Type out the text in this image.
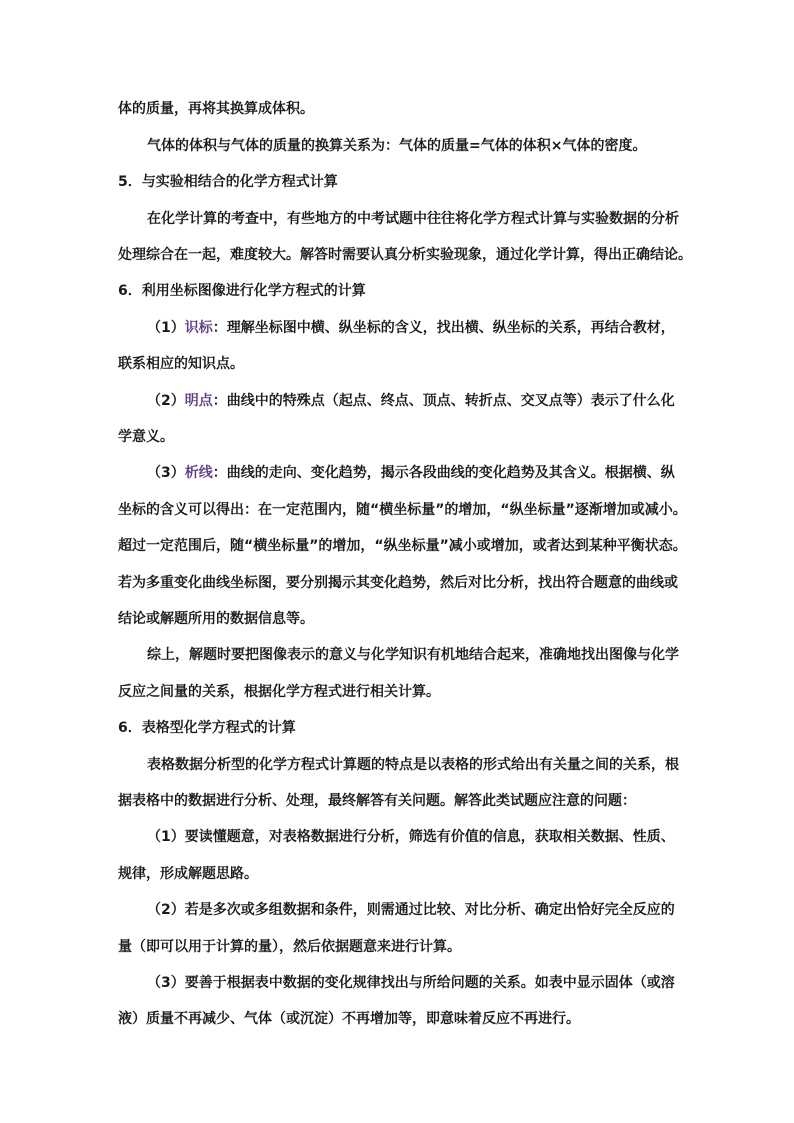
体的质量，再将其换算成体积。
气体的体积与气体的质量的换算关系为：气体的质量=气体的体积×气体的密度。
5．与实验相结合的化学方程式计算
在化学计算的考查中，有些地方的中考试题中往往将化学方程式计算与实验数据的分析
处理综合在一起，难度较大。解答时需要认真分析实验现象，通过化学计算，得出正确结论。
6．利用坐标图像进行化学方程式的计算
（1）识标：理解坐标图中横、纵坐标的含义，找出横、纵坐标的关系，再结合教材，
联系相应的知识点。
（2）明点：曲线中的特殊点（起点、终点、顶点、转折点、交叉点等）表示了什么化
学意义。
（3）析线：曲线的走向、变化趋势，揭示各段曲线的变化趋势及其含义。根据横、纵
坐标的含义可以得出：在一定范围内，随“横坐标量”的增加，“纵坐标量”逐渐增加或减小。
超过一定范围后，随“横坐标量”的增加，“纵坐标量”减小或增加，或者达到某种平衡状态。
若为多重变化曲线坐标图，要分别揭示其变化趋势，然后对比分析，找出符合题意的曲线或
结论或解题所用的数据信息等。
综上，解题时要把图像表示的意义与化学知识有机地结合起来，准确地找出图像与化学
反应之间量的关系，根据化学方程式进行相关计算。
6．表格型化学方程式的计算
表格数据分析型的化学方程式计算题的特点是以表格的形式给出有关量之间的关系，根
据表格中的数据进行分析、处理，最终解答有关问题。解答此类试题应注意的问题：
（1）要读懂题意，对表格数据进行分析，筛选有价值的信息，获取相关数据、性质、
规律，形成解题思路。
（2）若是多次或多组数据和条件，则需通过比较、对比分析、确定出恰好完全反应的
量（即可以用于计算的量），然后依据题意来进行计算。
（3）要善于根据表中数据的变化规律找出与所给问题的关系。如表中显示固体（或溶
液）质量不再减少、气体（或沉淀）不再增加等，即意味着反应不再进行。
